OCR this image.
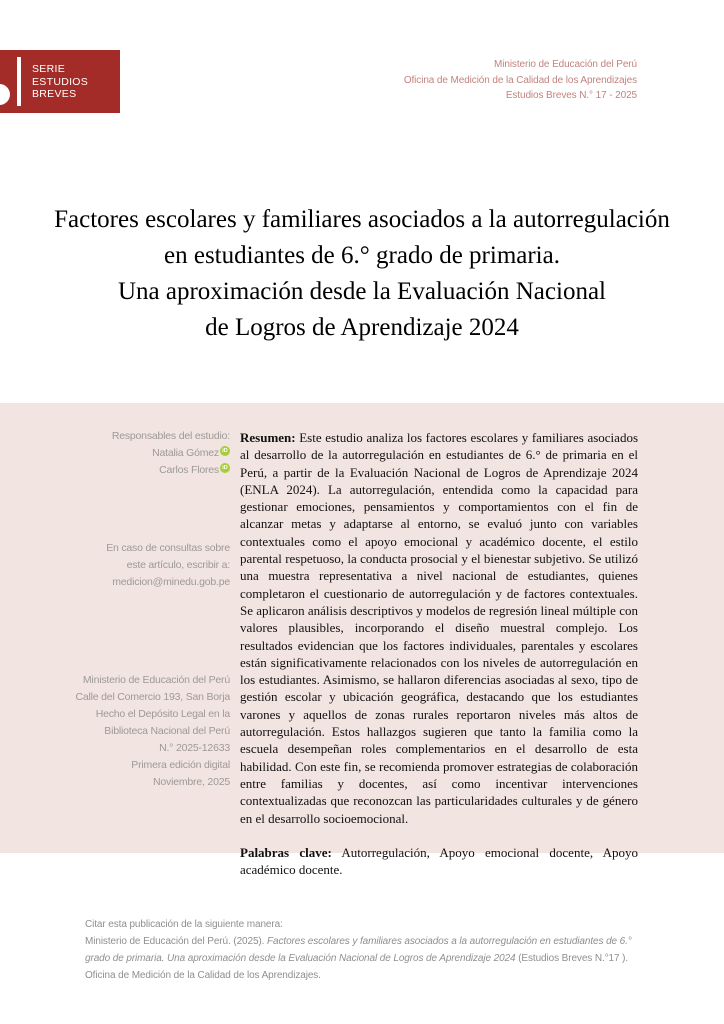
SERIE
ESTUDIOS
BREVES
Ministerio de Educación del Perú
Oficina de Medición de la Calidad de los Aprendizajes
Estudios Breves N.° 17 - 2025
Factores escolares y familiares asociados a la autorregulación
en estudiantes de 6.° grado de primaria.
Una aproximación desde la Evaluación Nacional
de Logros de Aprendizaje 2024
Responsables del estudio:
Natalia Gómez iD
Carlos Flores iD
En caso de consultas sobre
este artículo, escribir a:
medicion@minedu.gob.pe
Ministerio de Educación del Perú
Calle del Comercio 193, San Borja
Hecho el Depósito Legal en la
Biblioteca Nacional del Perú
N.° 2025-12633
Primera edición digital
Noviembre, 2025

Resumen: Este estudio analiza los factores escolares y familiares asociados al desarrollo de la autorregulación en estudiantes de 6.° de primaria en el Perú, a partir de la Evaluación Nacional de Logros de Aprendizaje 2024 (ENLA 2024). La autorregulación, entendida como la capacidad para gestionar emociones, pensamientos y comportamientos con el fin de alcanzar metas y adaptarse al entorno, se evaluó junto con variables contextuales como el apoyo emocional y académico docente, el estilo parental respetuoso, la conducta prosocial y el bienestar subjetivo. Se utilizó una muestra representativa a nivel nacional de estudiantes, quienes completaron el cuestionario de autorregulación y de factores contextuales. Se aplicaron análisis descriptivos y modelos de regresión lineal múltiple con valores plausibles, incorporando el diseño muestral complejo. Los resultados evidencian que los factores individuales, parentales y escolares están significativamente relacionados con los niveles de autorregulación en los estudiantes. Asimismo, se hallaron diferencias asociadas al sexo, tipo de gestión escolar y ubicación geográfica, destacando que los estudiantes varones y aquellos de zonas rurales reportaron niveles más altos de autorregulación. Estos hallazgos sugieren que tanto la familia como la escuela desempeñan roles complementarios en el desarrollo de esta habilidad. Con este fin, se recomienda promover estrategias de colaboración entre familias y docentes, así como incentivar intervenciones contextualizadas que reconozcan las particularidades culturales y de género en el desarrollo socioemocional.

Palabras clave: Autorregulación, Apoyo emocional docente, Apoyo académico docente.

Citar esta publicación de la siguiente manera:
Ministerio de Educación del Perú. (2025). Factores escolares y familiares asociados a la autorregulación en estudiantes de 6.° grado de primaria. Una aproximación desde la Evaluación Nacional de Logros de Aprendizaje 2024 (Estudios Breves N.°17 ). Oficina de Medición de la Calidad de los Aprendizajes.
